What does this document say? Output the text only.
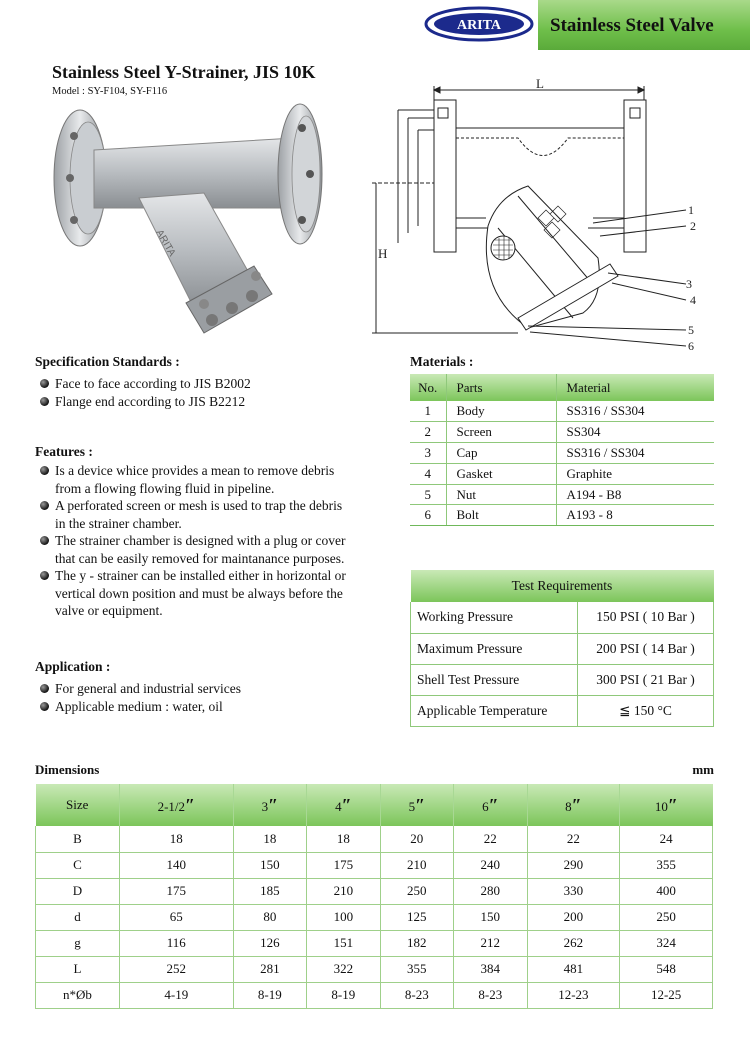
ARITA	Stainless Steel Valve
Stainless Steel Y-Strainer, JIS 10K
Model : SY-F104, SY-F116
ARITA
L
H
1
2
3
4
5
6
Specification Standards :
Face to face according to JIS B2002
Flange end according to JIS B2212
Features :
Is a device whice provides a mean to remove debris
from a flowing flowing fluid in pipeline.
A perforated screen or mesh is used to trap the debris
in the strainer chamber.
The strainer chamber is designed with a plug or cover
that can be easily removed for maintanance purposes.
The y - strainer can be installed either in horizontal or
vertical down position and must be always before the
valve or equipment.
Application :
For general and industrial services
Applicable medium : water, oil
Materials :
No.	Parts	Material
1	Body	SS316 / SS304
2	Screen	SS304
3	Cap	SS316 / SS304
4	Gasket	Graphite
5	Nut	A194 - B8
6	Bolt	A193 - 8
Test Requirements	
Working Pressure	150 PSI ( 10 Bar )
Maximum Pressure	200 PSI ( 14 Bar )
Shell Test Pressure	300 PSI ( 21 Bar )
Applicable Temperature	≦ 150 °C
Dimensions	mm
Size	2-1/2″	3″	4″	5″	6″	8″	10″
B	18	18	18	20	22	22	24
C	140	150	175	210	240	290	355
D	175	185	210	250	280	330	400
d	65	80	100	125	150	200	250
g	116	126	151	182	212	262	324
L	252	281	322	355	384	481	548
n*Øb	4-19	8-19	8-19	8-23	8-23	12-23	12-25
